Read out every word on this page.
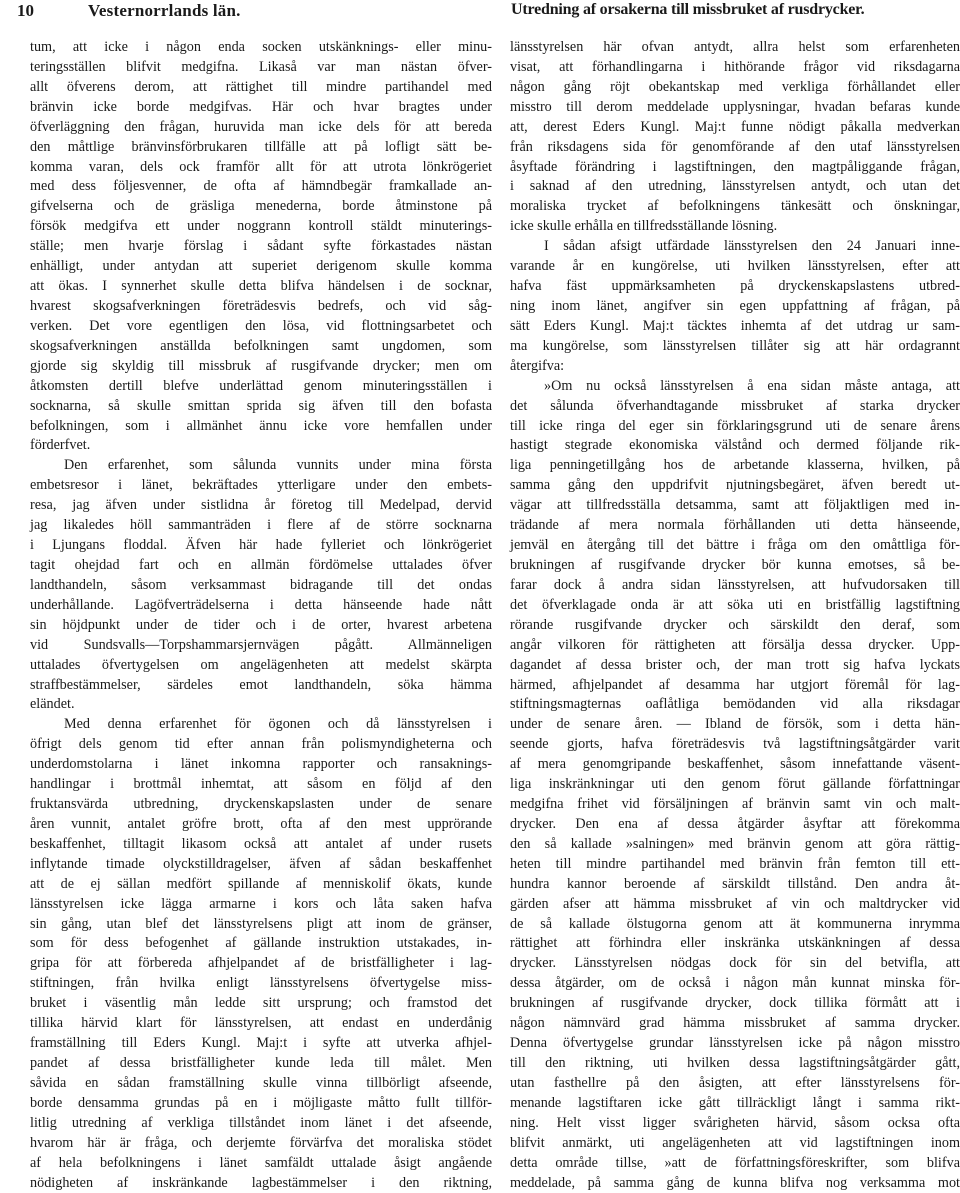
10	Vesternorrlands län.	Utredning af orsakerna till missbruket af rusdrycker.

tum, att icke i någon enda socken utskänknings- eller minu-

teringsställen blifvit medgifna. Likaså var man nästan öfver-

allt öfverens derom, att rättighet till mindre partihandel med

bränvin icke borde medgifvas. Här och hvar bragtes under

öfverläggning den frågan, huruvida man icke dels för att bereda

den måttlige bränvinsförbrukaren tillfälle att på lofligt sätt be-

komma varan, dels ock framför allt för att utrota lönkrögeriet

med dess följesvenner, de ofta af hämndbegär framkallade an-

gifvelserna och de gräsliga menederna, borde åtminstone på

försök medgifva ett under noggrann kontroll stäldt minuterings-

ställe; men hvarje förslag i sådant syfte förkastades nästan

enhälligt, under antydan att superiet derigenom skulle komma

att ökas. I synnerhet skulle detta blifva händelsen i de socknar,

hvarest skogsafverkningen företrädesvis bedrefs, och vid såg-

verken. Det vore egentligen den lösa, vid flottningsarbetet och

skogsafverkningen anställda befolkningen samt ungdomen, som

gjorde sig skyldig till missbruk af rusgifvande drycker; men om

åtkomsten dertill blefve underlättad genom minuteringsställen i

socknarna, så skulle smittan sprida sig äfven till den bofasta

befolkningen, som i allmänhet ännu icke vore hemfallen under

förderfvet.

Den erfarenhet, som sålunda vunnits under mina första

embetsresor i länet, bekräftades ytterligare under den embets-

resa, jag äfven under sistlidna år företog till Medelpad, dervid

jag likaledes höll sammanträden i flere af de större socknarna

i Ljungans floddal. Äfven här hade fylleriet och lönkrögeriet

tagit ohejdad fart och en allmän fördömelse uttalades öfver

landthandeln, såsom verksammast bidragande till det ondas

underhållande. Lagöfverträdelserna i detta hänseende hade nått

sin höjdpunkt under de tider och i de orter, hvarest arbetena

vid Sundsvalls—Torpshammarsjernvägen pågått. Allmänneligen

uttalades öfvertygelsen om angelägenheten att medelst skärpta

straffbestämmelser, särdeles emot landthandeln, söka hämma

eländet.

Med denna erfarenhet för ögonen och då länsstyrelsen i

öfrigt dels genom tid efter annan från polismyndigheterna och

underdomstolarna i länet inkomna rapporter och ransaknings-

handlingar i brottmål inhemtat, att såsom en följd af den

fruktansvärda utbredning, dryckenskapslasten under de senare

åren vunnit, antalet gröfre brott, ofta af den mest upprörande

beskaffenhet, tilltagit likasom också att antalet af under rusets

inflytande timade olyckstilldragelser, äfven af sådan beskaffenhet

att de ej sällan medfört spillande af menniskolif ökats, kunde

länsstyrelsen icke lägga armarne i kors och låta saken hafva

sin gång, utan blef det länsstyrelsens pligt att inom de gränser,

som för dess befogenhet af gällande instruktion utstakades, in-

gripa för att förbereda afhjelpandet af de bristfälligheter i lag-

stiftningen, från hvilka enligt länsstyrelsens öfvertygelse miss-

bruket i väsentlig mån ledde sitt ursprung; och framstod det

tillika härvid klart för länsstyrelsen, att endast en underdånig

framställning till Eders Kungl. Maj:t i syfte att utverka afhjel-

pandet af dessa bristfälligheter kunde leda till målet. Men

såvida en sådan framställning skulle vinna tillbörligt afseende,

borde densamma grundas på en i möjligaste måtto fullt tillför-

litlig utredning af verkliga tillståndet inom länet i det afseende,

hvarom här är fråga, och derjemte förvärfva det moraliska stödet

af hela befolkningens i länet samfäldt uttalade åsigt angående

nödigheten af inskränkande lagbestämmelser i den riktning,

länsstyrelsen här ofvan antydt, allra helst som erfarenheten

visat, att förhandlingarna i hithörande frågor vid riksdagarna

någon gång röjt obekantskap med verkliga förhållandet eller

misstro till derom meddelade upplysningar, hvadan befaras kunde

att, derest Eders Kungl. Maj:t funne nödigt påkalla medverkan

från riksdagens sida för genomförande af den utaf länsstyrelsen

åsyftade förändring i lagstiftningen, den magtpåliggande frågan,

i saknad af den utredning, länsstyrelsen antydt, och utan det

moraliska trycket af befolkningens tänkesätt och önskningar,

icke skulle erhålla en tillfredsställande lösning.

I sådan afsigt utfärdade länsstyrelsen den 24 Januari inne-

varande år en kungörelse, uti hvilken länsstyrelsen, efter att

hafva fäst uppmärksamheten på dryckenskapslastens utbred-

ning inom länet, angifver sin egen uppfattning af frågan, på

sätt Eders Kungl. Maj:t täcktes inhemta af det utdrag ur sam-

ma kungörelse, som länsstyrelsen tillåter sig att här ordagrannt

återgifva:

»Om nu också länsstyrelsen å ena sidan måste antaga, att

det sålunda öfverhandtagande missbruket af starka drycker

till icke ringa del eger sin förklaringsgrund uti de senare årens

hastigt stegrade ekonomiska välstånd och dermed följande rik-

liga penningetillgång hos de arbetande klasserna, hvilken, på

samma gång den uppdrifvit njutningsbegäret, äfven beredt ut-

vägar att tillfredsställa detsamma, samt att följaktligen med in-

trädande af mera normala förhållanden uti detta hänseende,

jemväl en återgång till det bättre i fråga om den omåttliga för-

brukningen af rusgifvande drycker bör kunna emotses, så be-

farar dock å andra sidan länsstyrelsen, att hufvudorsaken till

det öfverklagade onda är att söka uti en bristfällig lagstiftning

rörande rusgifvande drycker och särskildt den deraf, som

angår vilkoren för rättigheten att försälja dessa drycker. Upp-

dagandet af dessa brister och, der man trott sig hafva lyckats

härmed, afhjelpandet af desamma har utgjort föremål för lag-

stiftningsmagternas oaflåtliga bemödanden vid alla riksdagar

under de senare åren. — Ibland de försök, som i detta hän-

seende gjorts, hafva företrädesvis två lagstiftningsåtgärder varit

af mera genomgripande beskaffenhet, såsom innefattande väsent-

liga inskränkningar uti den genom förut gällande författningar

medgifna frihet vid försäljningen af bränvin samt vin och malt-

drycker. Den ena af dessa åtgärder åsyftar att förekomma

den så kallade »salningen» med bränvin genom att göra rättig-

heten till mindre partihandel med bränvin från femton till ett-

hundra kannor beroende af särskildt tillstånd. Den andra åt-

gärden afser att hämma missbruket af vin och maltdrycker vid

de så kallade ölstugorna genom att ät kommunerna inrymma

rättighet att förhindra eller inskränka utskänkningen af dessa

drycker. Länsstyrelsen nödgas dock för sin del betvifla, att

dessa åtgärder, om de också i någon mån kunnat minska för-

brukningen af rusgifvande drycker, dock tillika förmått att i

någon nämnvärd grad hämma missbruket af samma drycker.

Denna öfvertygelse grundar länsstyrelsen icke på någon misstro

till den riktning, uti hvilken dessa lagstiftningsåtgärder gått,

utan fasthellre på den åsigten, att efter länsstyrelsens för-

menande lagstiftaren icke gått tillräckligt långt i samma rikt-

ning. Helt visst ligger svårigheten härvid, såsom ocksa ofta

blifvit anmärkt, uti angelägenheten att vid lagstiftningen inom

detta område tillse, »att de författningsföreskrifter, som blifva

meddelade, på samma gång de kunna blifva nog verksamma mot
